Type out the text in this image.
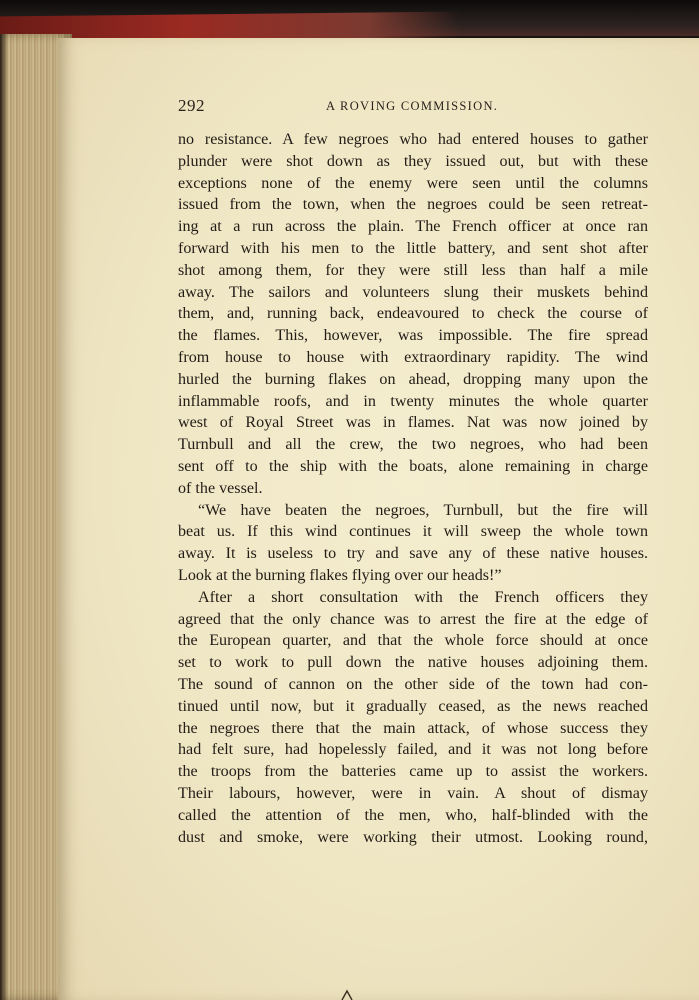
292	A ROVING COMMISSION.
no resistance. A few negroes who had entered houses to gather
plunder were shot down as they issued out, but with these
exceptions none of the enemy were seen until the columns
issued from the town, when the negroes could be seen retreat-
ing at a run across the plain. The French officer at once ran
forward with his men to the little battery, and sent shot after
shot among them, for they were still less than half a mile
away. The sailors and volunteers slung their muskets behind
them, and, running back, endeavoured to check the course of
the flames. This, however, was impossible. The fire spread
from house to house with extraordinary rapidity. The wind
hurled the burning flakes on ahead, dropping many upon the
inflammable roofs, and in twenty minutes the whole quarter
west of Royal Street was in flames. Nat was now joined by
Turnbull and all the crew, the two negroes, who had been
sent off to the ship with the boats, alone remaining in charge
of the vessel.
“We have beaten the negroes, Turnbull, but the fire will
beat us. If this wind continues it will sweep the whole town
away. It is useless to try and save any of these native houses.
Look at the burning flakes flying over our heads!”
After a short consultation with the French officers they
agreed that the only chance was to arrest the fire at the edge of
the European quarter, and that the whole force should at once
set to work to pull down the native houses adjoining them.
The sound of cannon on the other side of the town had con-
tinued until now, but it gradually ceased, as the news reached
the negroes there that the main attack, of whose success they
had felt sure, had hopelessly failed, and it was not long before
the troops from the batteries came up to assist the workers.
Their labours, however, were in vain. A shout of dismay
called the attention of the men, who, half-blinded with the
dust and smoke, were working their utmost. Looking round,
